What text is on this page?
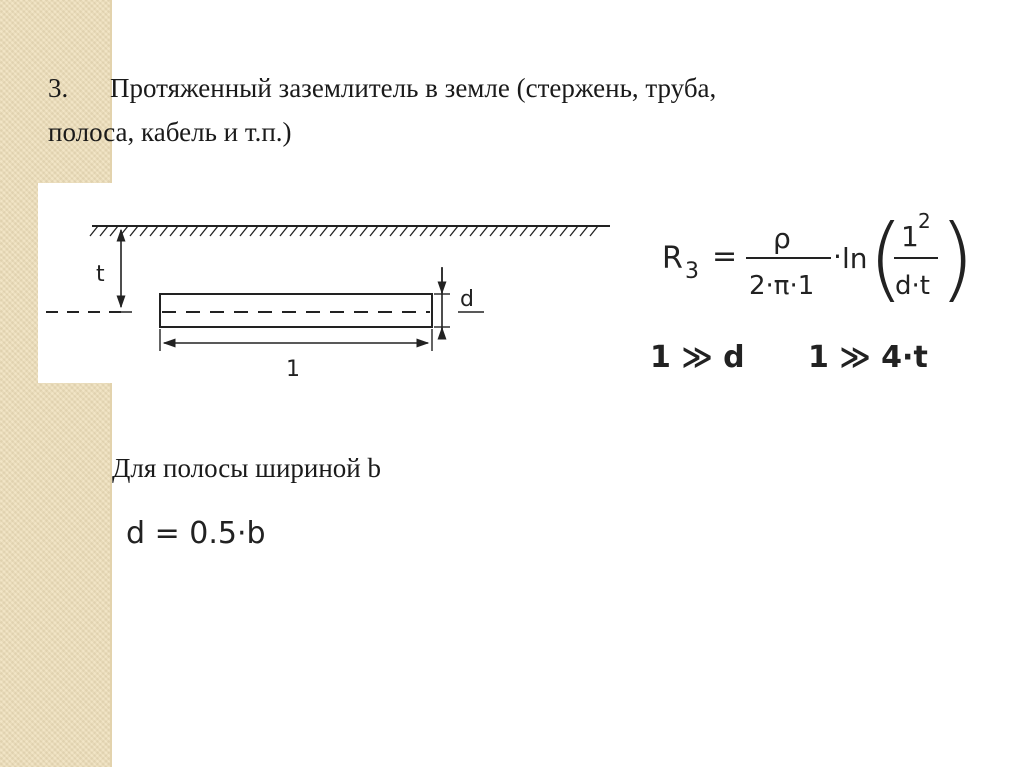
3. Протяженный заземлитель в земле (стержень, труба,
полоса, кабель и т.п.)
t
d
1
R 3 =
ρ
2·π·1
· ln (
1 2
d·t )
1 ≫ d 1 ≫ 4·t
Для полосы шириной b
d = 0.5·b
